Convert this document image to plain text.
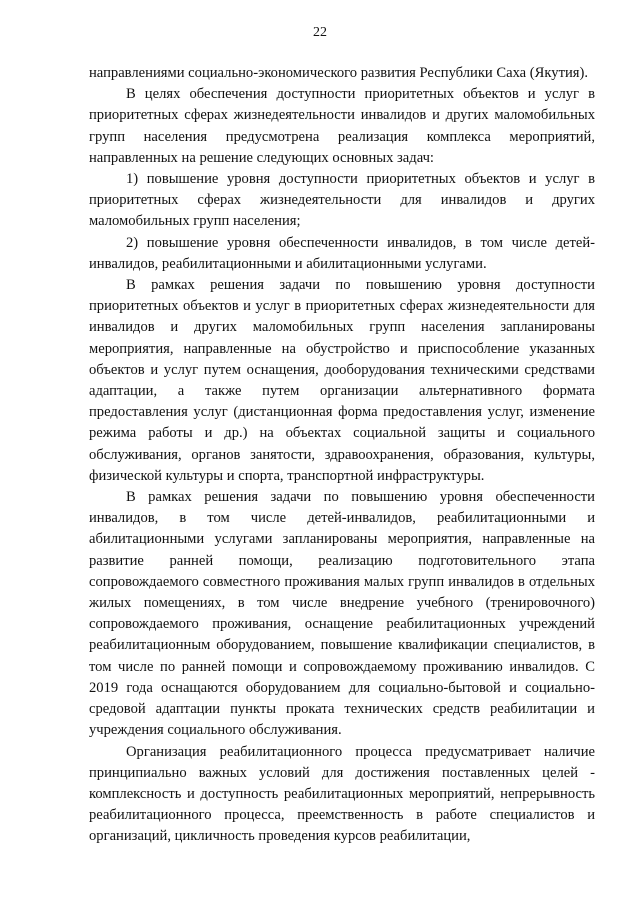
22

направлениями социально-экономического развития Республики Саха (Якутия).

В целях обеспечения доступности приоритетных объектов и услуг в приоритетных сферах жизнедеятельности инвалидов и других маломобильных групп населения предусмотрена реализация комплекса мероприятий, направленных на решение следующих основных задач:

1) повышение уровня доступности приоритетных объектов и услуг в приоритетных сферах жизнедеятельности для инвалидов и других маломобильных групп населения;

2) повышение уровня обеспеченности инвалидов, в том числе детей-инвалидов, реабилитационными и абилитационными услугами.

В рамках решения задачи по повышению уровня доступности приоритетных объектов и услуг в приоритетных сферах жизнедеятельности для инвалидов и других маломобильных групп населения запланированы мероприятия, направленные на обустройство и приспособление указанных объектов и услуг путем оснащения, дооборудования техническими средствами адаптации, а также путем организации альтернативного формата предоставления услуг (дистанционная форма предоставления услуг, изменение режима работы и др.) на объектах социальной защиты и социального обслуживания, органов занятости, здравоохранения, образования, культуры, физической культуры и спорта, транспортной инфраструктуры.

В рамках решения задачи по повышению уровня обеспеченности инвалидов, в том числе детей-инвалидов, реабилитационными и абилитационными услугами запланированы мероприятия, направленные на развитие ранней помощи, реализацию подготовительного этапа сопровождаемого совместного проживания малых групп инвалидов в отдельных жилых помещениях, в том числе внедрение учебного (тренировочного) сопровождаемого проживания, оснащение реабилитационных учреждений реабилитационным оборудованием, повышение квалификации специалистов, в том числе по ранней помощи и сопровождаемому проживанию инвалидов. С 2019 года оснащаются оборудованием для социально-бытовой и социально-средовой адаптации пункты проката технических средств реабилитации и учреждения социального обслуживания.

Организация реабилитационного процесса предусматривает наличие принципиально важных условий для достижения поставленных целей - комплексность и доступность реабилитационных мероприятий, непрерывность реабилитационного процесса, преемственность в работе специалистов и организаций, цикличность проведения курсов реабилитации,
